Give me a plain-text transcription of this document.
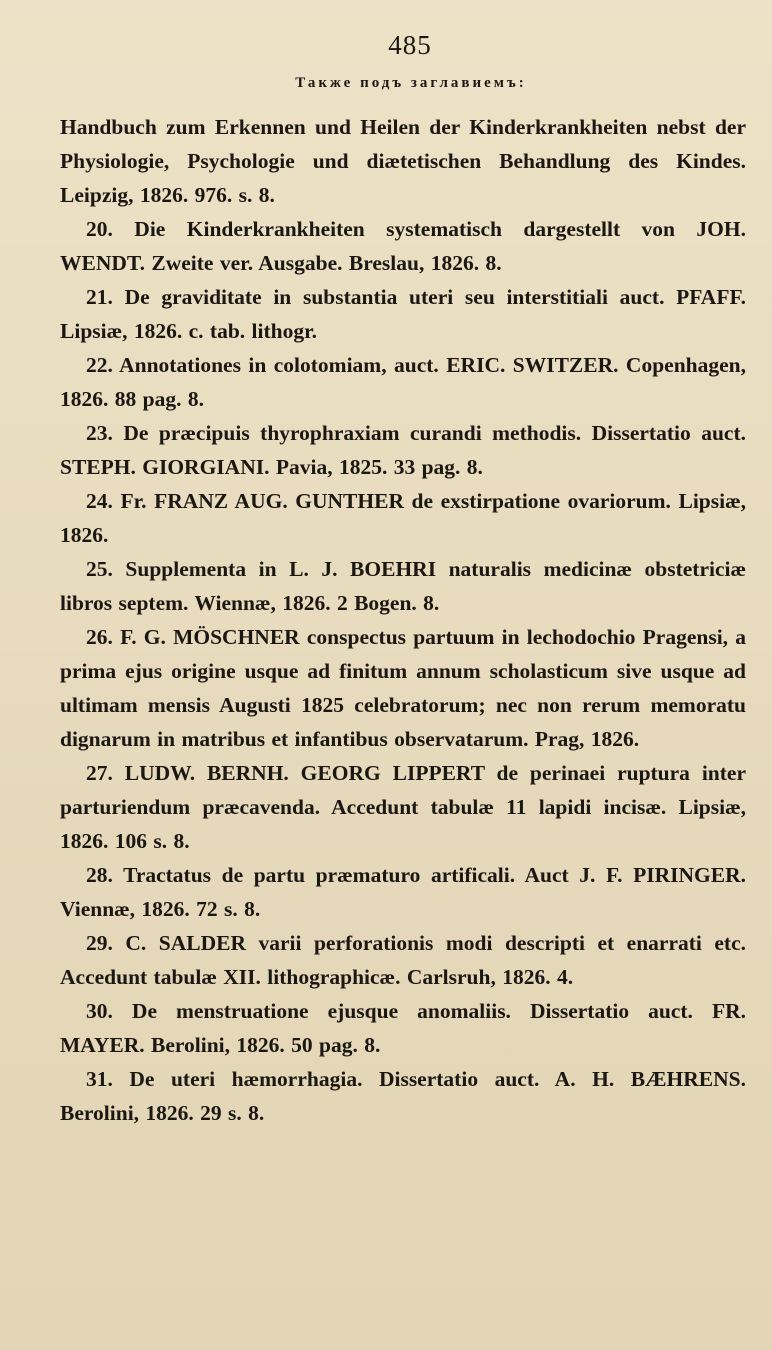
485
Также подъ заглавиемъ:

Handbuch zum Erkennen und Heilen der Kinderkrankheiten nebst der Physiologie, Psychologie und diætetischen Behandlung des Kindes. Leipzig, 1826. 976. s. 8.

20. Die Kinderkrankheiten systematisch dargestellt von JOH. WENDT. Zweite ver. Ausgabe. Breslau, 1826. 8.

21. De graviditate in substantia uteri seu interstitiali auct. PFAFF. Lipsiæ, 1826. c. tab. lithogr.

22. Annotationes in colotomiam, auct. ERIC. SWITZER. Copenhagen, 1826. 88 pag. 8.

23. De præcipuis thyrophraxiam curandi methodis. Dissertatio auct. STEPH. GIORGIANI. Pavia, 1825. 33 pag. 8.

24. Fr. FRANZ AUG. GUNTHER de exstirpatione ovariorum. Lipsiæ, 1826.

25. Supplementa in L. J. BOEHRI naturalis medicinæ obstetriciæ libros septem. Wiennæ, 1826. 2 Bogen. 8.

26. F. G. MÖSCHNER conspectus partuum in lechodochio Pragensi, a prima ejus origine usque ad finitum annum scholasticum sive usque ad ultimam mensis Augusti 1825 celebratorum; nec non rerum memoratu dignarum in matribus et infantibus observatarum. Prag, 1826.

27. LUDW. BERNH. GEORG LIPPERT de perinaei ruptura inter parturiendum præcavenda. Accedunt tabulæ 11 lapidi incisæ. Lipsiæ, 1826. 106 s. 8.

28. Tractatus de partu præmaturo artificali. Auct J. F. PIRINGER. Viennæ, 1826. 72 s. 8.

29. C. SALDER varii perforationis modi descripti et enarrati etc. Accedunt tabulæ XII. lithographicæ. Carlsruh, 1826. 4.

30. De menstruatione ejusque anomaliis. Dissertatio auct. FR. MAYER. Berolini, 1826. 50 pag. 8.

31. De uteri hæmorrhagia. Dissertatio auct. A. H. BÆHRENS. Berolini, 1826. 29 s. 8.
